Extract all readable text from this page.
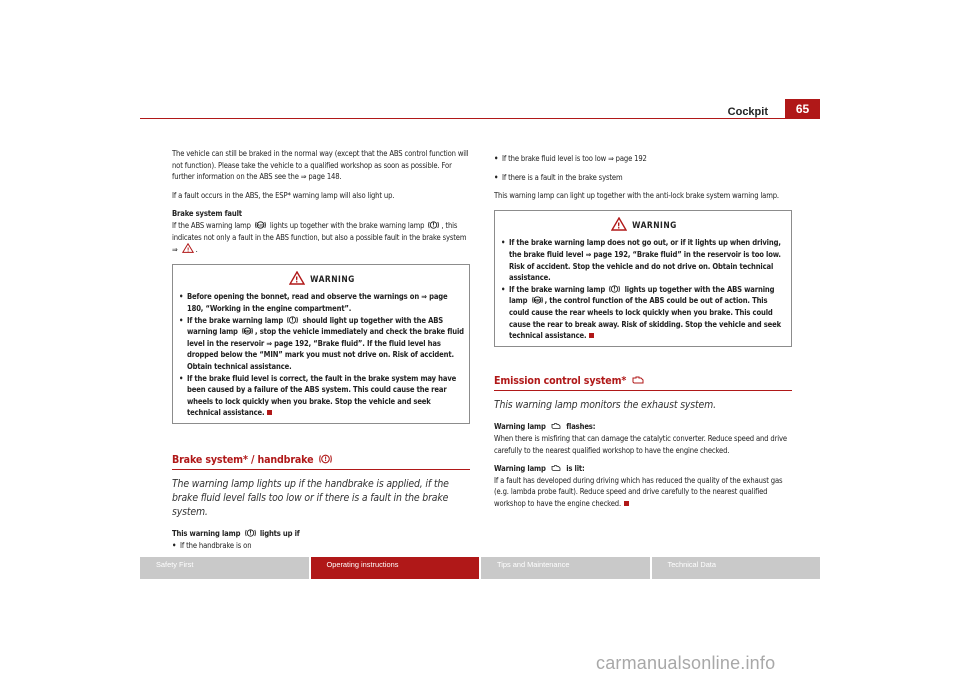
Cockpit	65

The vehicle can still be braked in the normal way (except that the ABS control function will not function). Please take the vehicle to a qualified workshop as soon as possible. For further information on the ABS see the ⇒ page 148.

If a fault occurs in the ABS, the ESP* warning lamp will also light up.

Brake system fault

If the ABS warning lamp ABS lights up together with the brake warning lamp ! , this indicates not only a fault in the ABS function, but also a possible fault in the brake system ⇒ ! .

! WARNING
• Before opening the bonnet, read and observe the warnings on ⇒ page 180, “Working in the engine compartment”.

• If the brake warning lamp ! should light up together with the ABS warning lamp ABS , stop the vehicle immediately and check the brake fluid level in the reservoir ⇒ page 192, “Brake fluid”. If the fluid level has dropped below the “MIN” mark you must not drive on. Risk of accident. Obtain technical assistance.

• If the brake fluid level is correct, the fault in the brake system may have been caused by a failure of the ABS system. This could cause the rear wheels to lock quickly when you brake. Stop the vehicle and seek technical assistance.

Brake system* / handbrake !
The warning lamp lights up if the handbrake is applied, if the brake fluid level falls too low or if there is a fault in the brake system.
This warning lamp ! lights up if
• If the handbrake is on
• If the brake fluid level is too low ⇒ page 192
• If there is a fault in the brake system

This warning lamp can light up together with the anti-lock brake system warning lamp.

! WARNING
• If the brake warning lamp does not go out, or if it lights up when driving, the brake fluid level ⇒ page 192, “Brake fluid” in the reservoir is too low. Risk of accident. Stop the vehicle and do not drive on. Obtain technical assistance.

• If the brake warning lamp ! lights up together with the ABS warning lamp ABS , the control function of the ABS could be out of action. This could cause the rear wheels to lock quickly when you brake. This could cause the rear to break away. Risk of skidding. Stop the vehicle and seek technical assistance.

Emission control system*
This warning lamp monitors the exhaust system.
Warning lamp	flashes:

When there is misfiring that can damage the catalytic converter. Reduce speed and drive carefully to the nearest qualified workshop to have the engine checked.

Warning lamp	is lit:

If a fault has developed during driving which has reduced the quality of the exhaust gas (e.g. lambda probe fault). Reduce speed and drive carefully to the nearest qualified workshop to have the engine checked.

Safety First	Operating instructions	Tips and Maintenance	Technical Data
carmanualsonline.info
